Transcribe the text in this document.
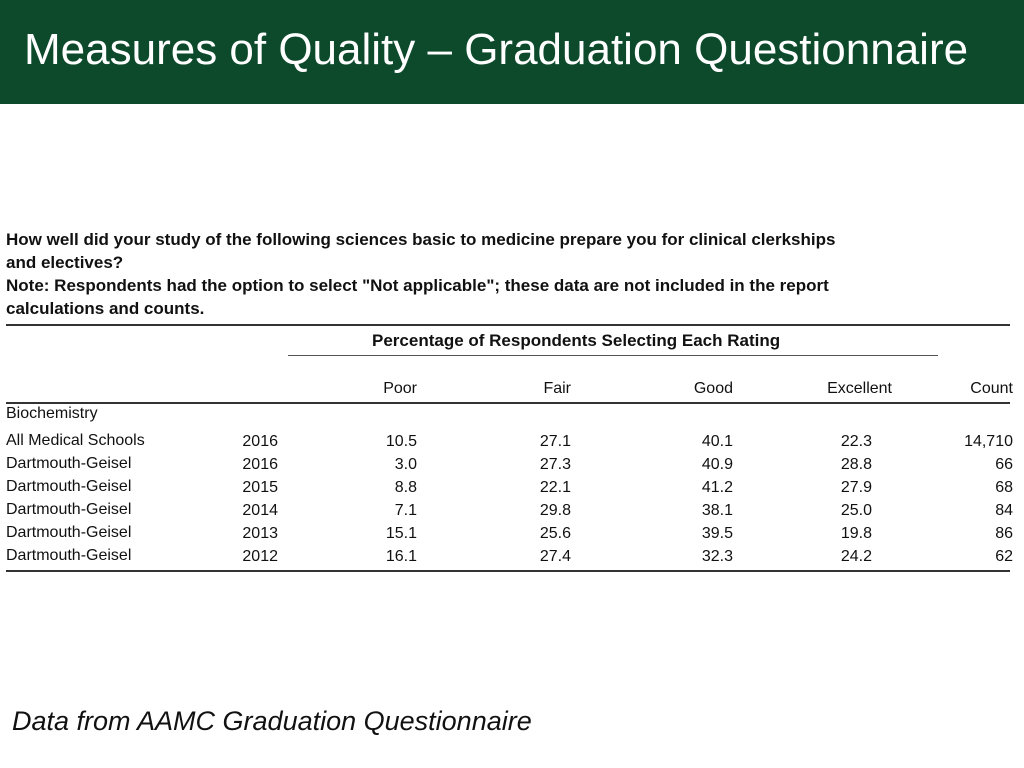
Measures of Quality – Graduation Questionnaire
How well did your study of the following sciences basic to medicine prepare you for clinical clerkships
and electives?
Note: Respondents had the option to select "Not applicable"; these data are not included in the report
calculations and counts.
Percentage of Respondents Selecting Each Rating
Poor	Fair	Good	Excellent	Count
Biochemistry
All Medical Schools	2016	10.5	27.1	40.1	22.3	14,710
Dartmouth-Geisel	2016	3.0	27.3	40.9	28.8	66
Dartmouth-Geisel	2015	8.8	22.1	41.2	27.9	68
Dartmouth-Geisel	2014	7.1	29.8	38.1	25.0	84
Dartmouth-Geisel	2013	15.1	25.6	39.5	19.8	86
Dartmouth-Geisel	2012	16.1	27.4	32.3	24.2	62
Data from AAMC Graduation Questionnaire
